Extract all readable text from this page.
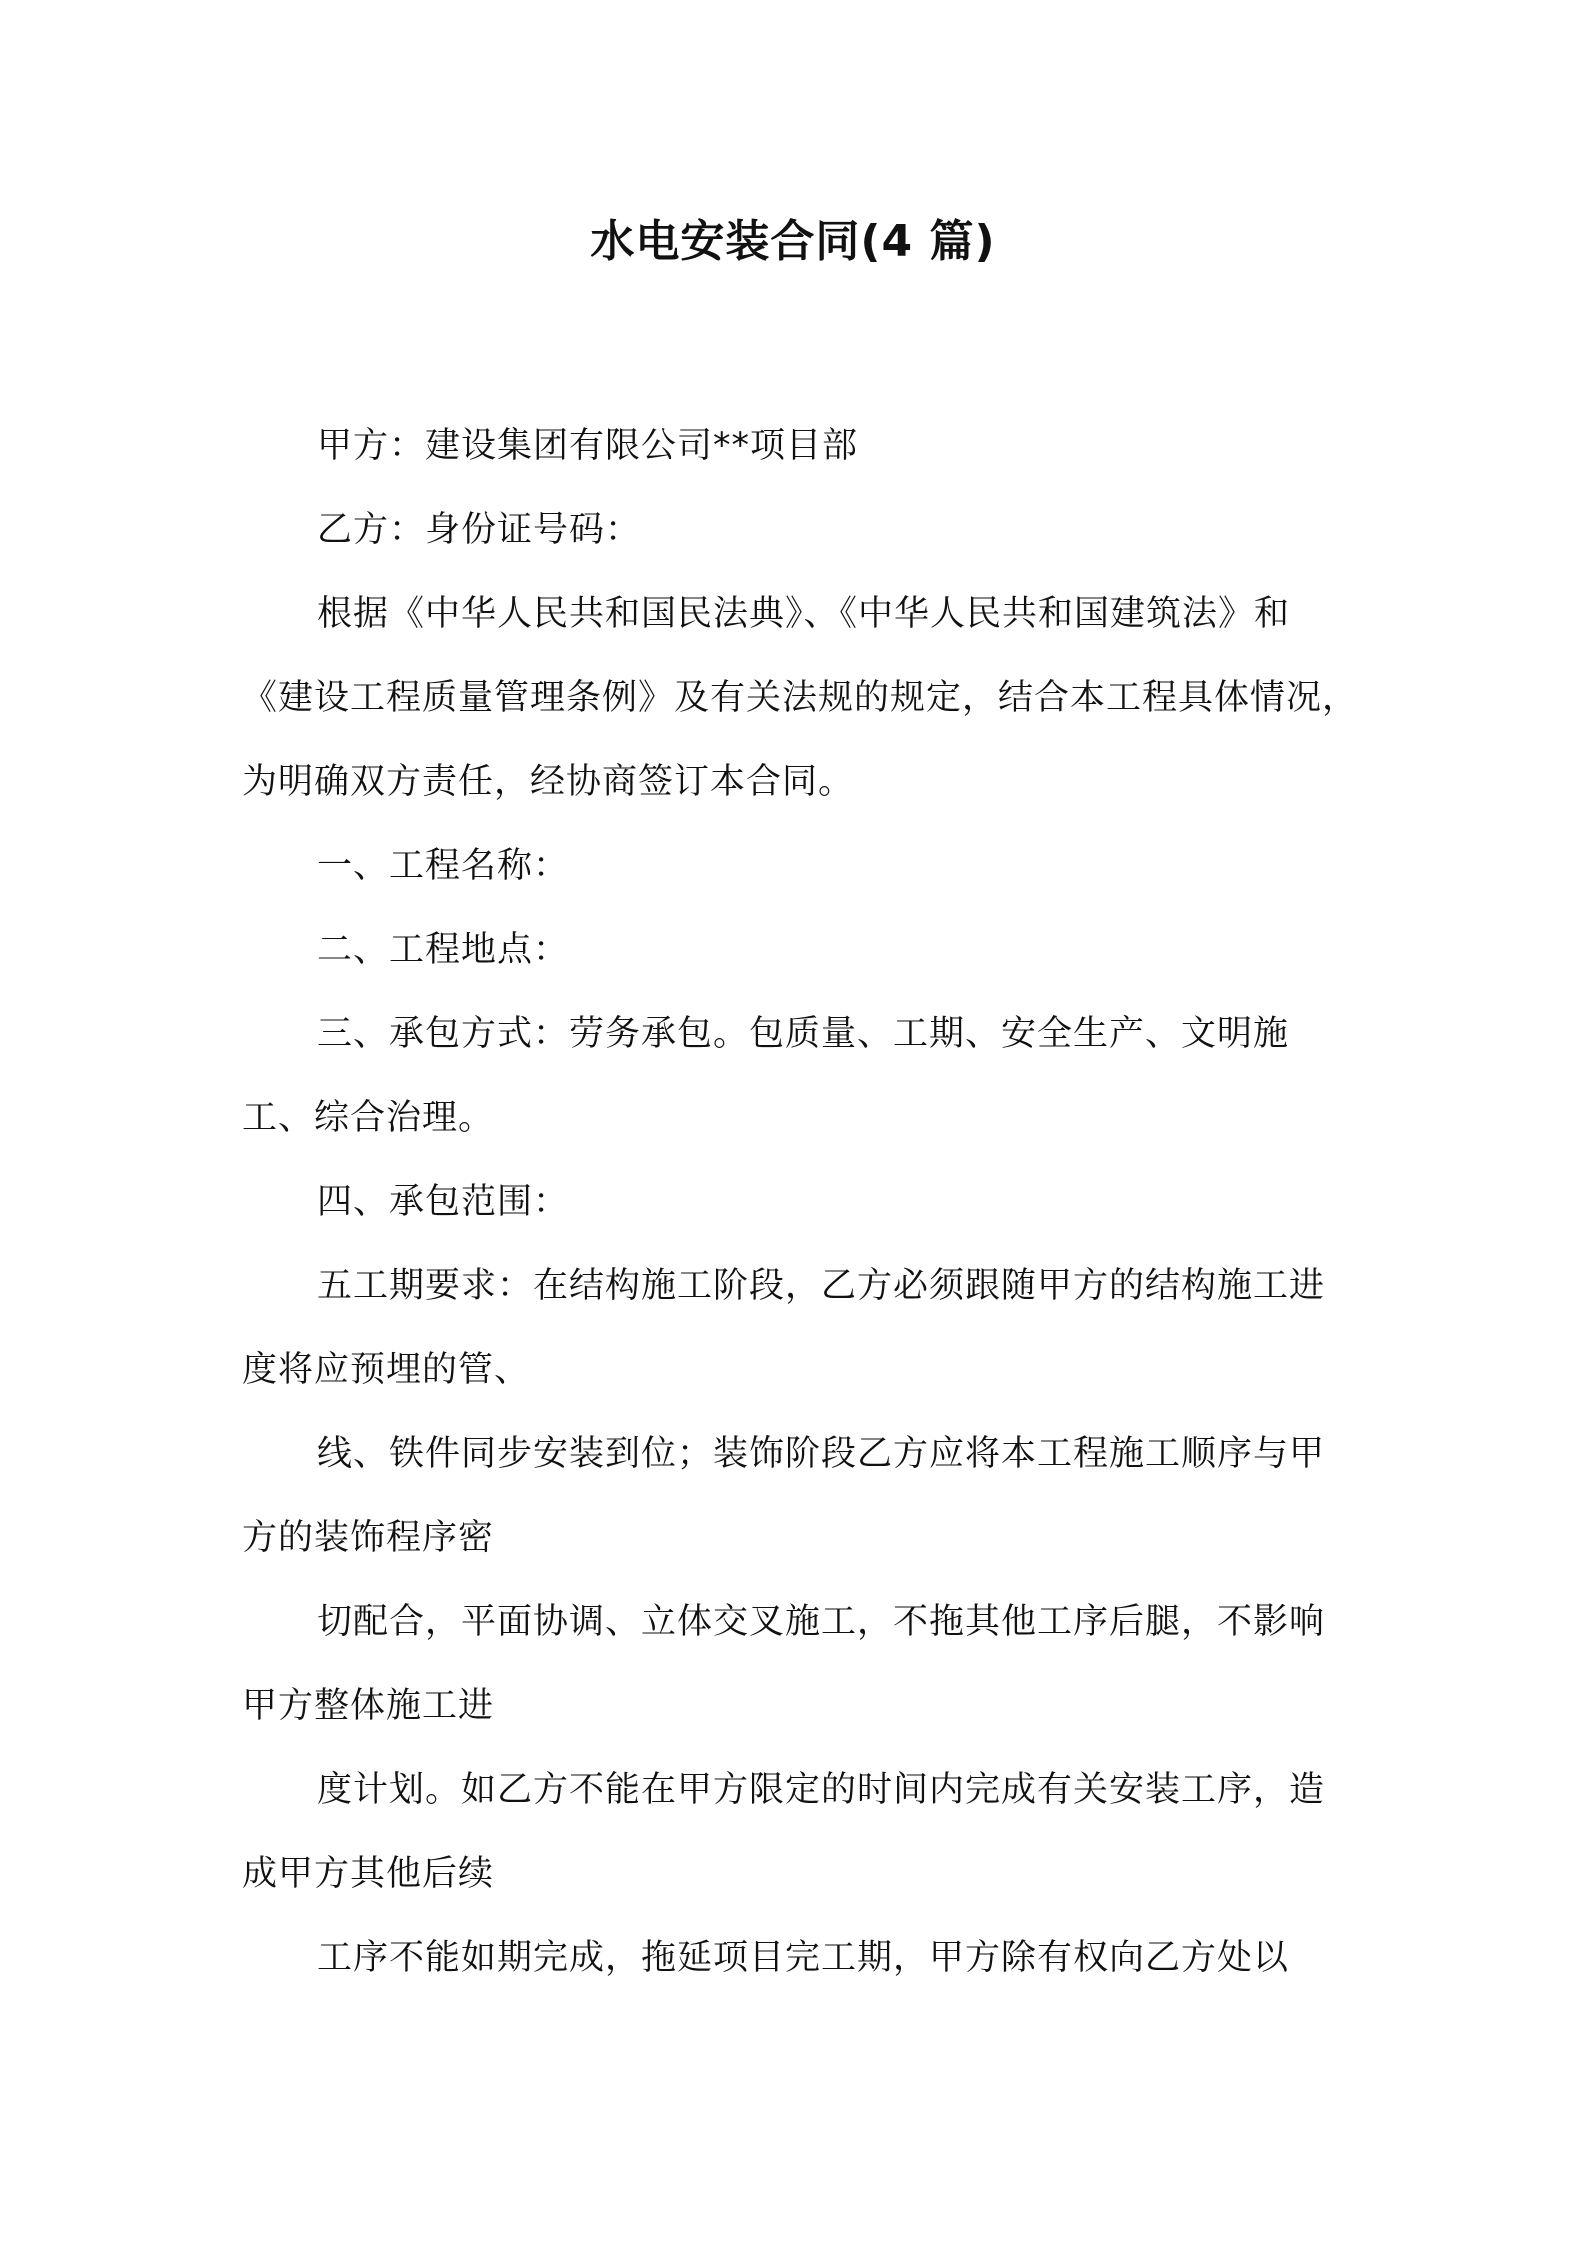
水电安装合同(4 篇)

甲方：建设集团有限公司**项目部

乙方：身份证号码：

根据《中华人民共和国民法典》、《中华人民共和国建筑法》和《建设工程质量管理条例》及有关法规的规定，结合本工程具体情况，为明确双方责任，经协商签订本合同。

一、工程名称：

二、工程地点：

三、承包方式：劳务承包。包质量、工期、安全生产、文明施工、综合治理。

四、承包范围：

五工期要求：在结构施工阶段，乙方必须跟随甲方的结构施工进度将应预埋的管、

线、铁件同步安装到位；装饰阶段乙方应将本工程施工顺序与甲方的装饰程序密

切配合，平面协调、立体交叉施工，不拖其他工序后腿，不影响甲方整体施工进

度计划。如乙方不能在甲方限定的时间内完成有关安装工序，造成甲方其他后续

工序不能如期完成，拖延项目完工期，甲方除有权向乙方处以
